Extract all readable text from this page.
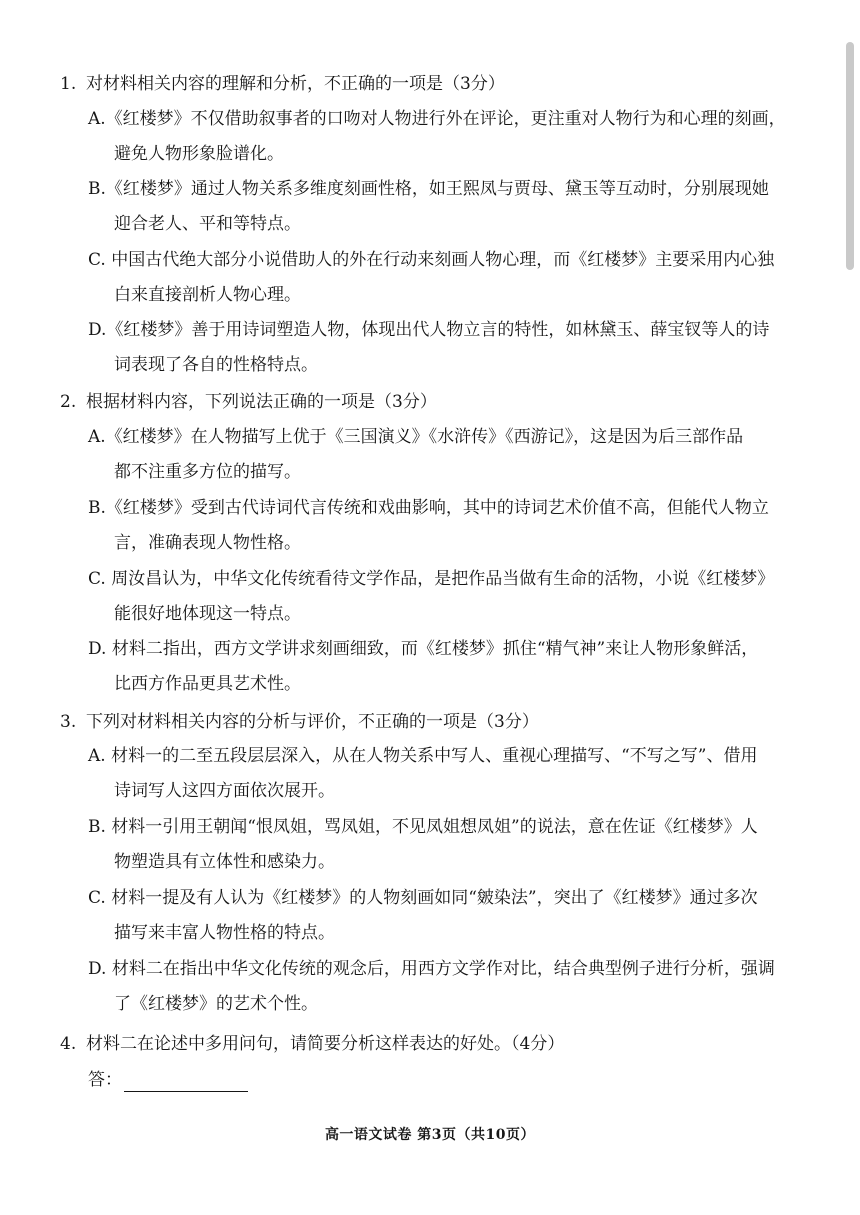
1. 对材料相关内容的理解和分析，不正确的一项是（3分）
A.《红楼梦》不仅借助叙事者的口吻对人物进行外在评论，更注重对人物行为和心理的刻画，
避免人物形象脸谱化。
B.《红楼梦》通过人物关系多维度刻画性格，如王熙凤与贾母、黛玉等互动时，分别展现她
迎合老人、平和等特点。
C. 中国古代绝大部分小说借助人的外在行动来刻画人物心理，而《红楼梦》主要采用内心独
白来直接剖析人物心理。
D.《红楼梦》善于用诗词塑造人物，体现出代人物立言的特性，如林黛玉、薛宝钗等人的诗
词表现了各自的性格特点。
2. 根据材料内容，下列说法正确的一项是（3分）
A.《红楼梦》在人物描写上优于《三国演义》《水浒传》《西游记》，这是因为后三部作品
都不注重多方位的描写。
B.《红楼梦》受到古代诗词代言传统和戏曲影响，其中的诗词艺术价值不高，但能代人物立
言，准确表现人物性格。
C. 周汝昌认为，中华文化传统看待文学作品，是把作品当做有生命的活物，小说《红楼梦》
能很好地体现这一特点。
D. 材料二指出，西方文学讲求刻画细致，而《红楼梦》抓住“精气神”来让人物形象鲜活，
比西方作品更具艺术性。
3. 下列对材料相关内容的分析与评价，不正确的一项是（3分）
A. 材料一的二至五段层层深入，从在人物关系中写人、重视心理描写、“不写之写”、借用
诗词写人这四方面依次展开。
B. 材料一引用王朝闻“恨凤姐，骂凤姐，不见凤姐想凤姐”的说法，意在佐证《红楼梦》人
物塑造具有立体性和感染力。
C. 材料一提及有人认为《红楼梦》的人物刻画如同“皴染法”，突出了《红楼梦》通过多次
描写来丰富人物性格的特点。
D. 材料二在指出中华文化传统的观念后，用西方文学作对比，结合典型例子进行分析，强调
了《红楼梦》的艺术个性。
4. 材料二在论述中多用问句，请简要分析这样表达的好处。（4分）
答：
高一语文试卷 第3页（共10页）
